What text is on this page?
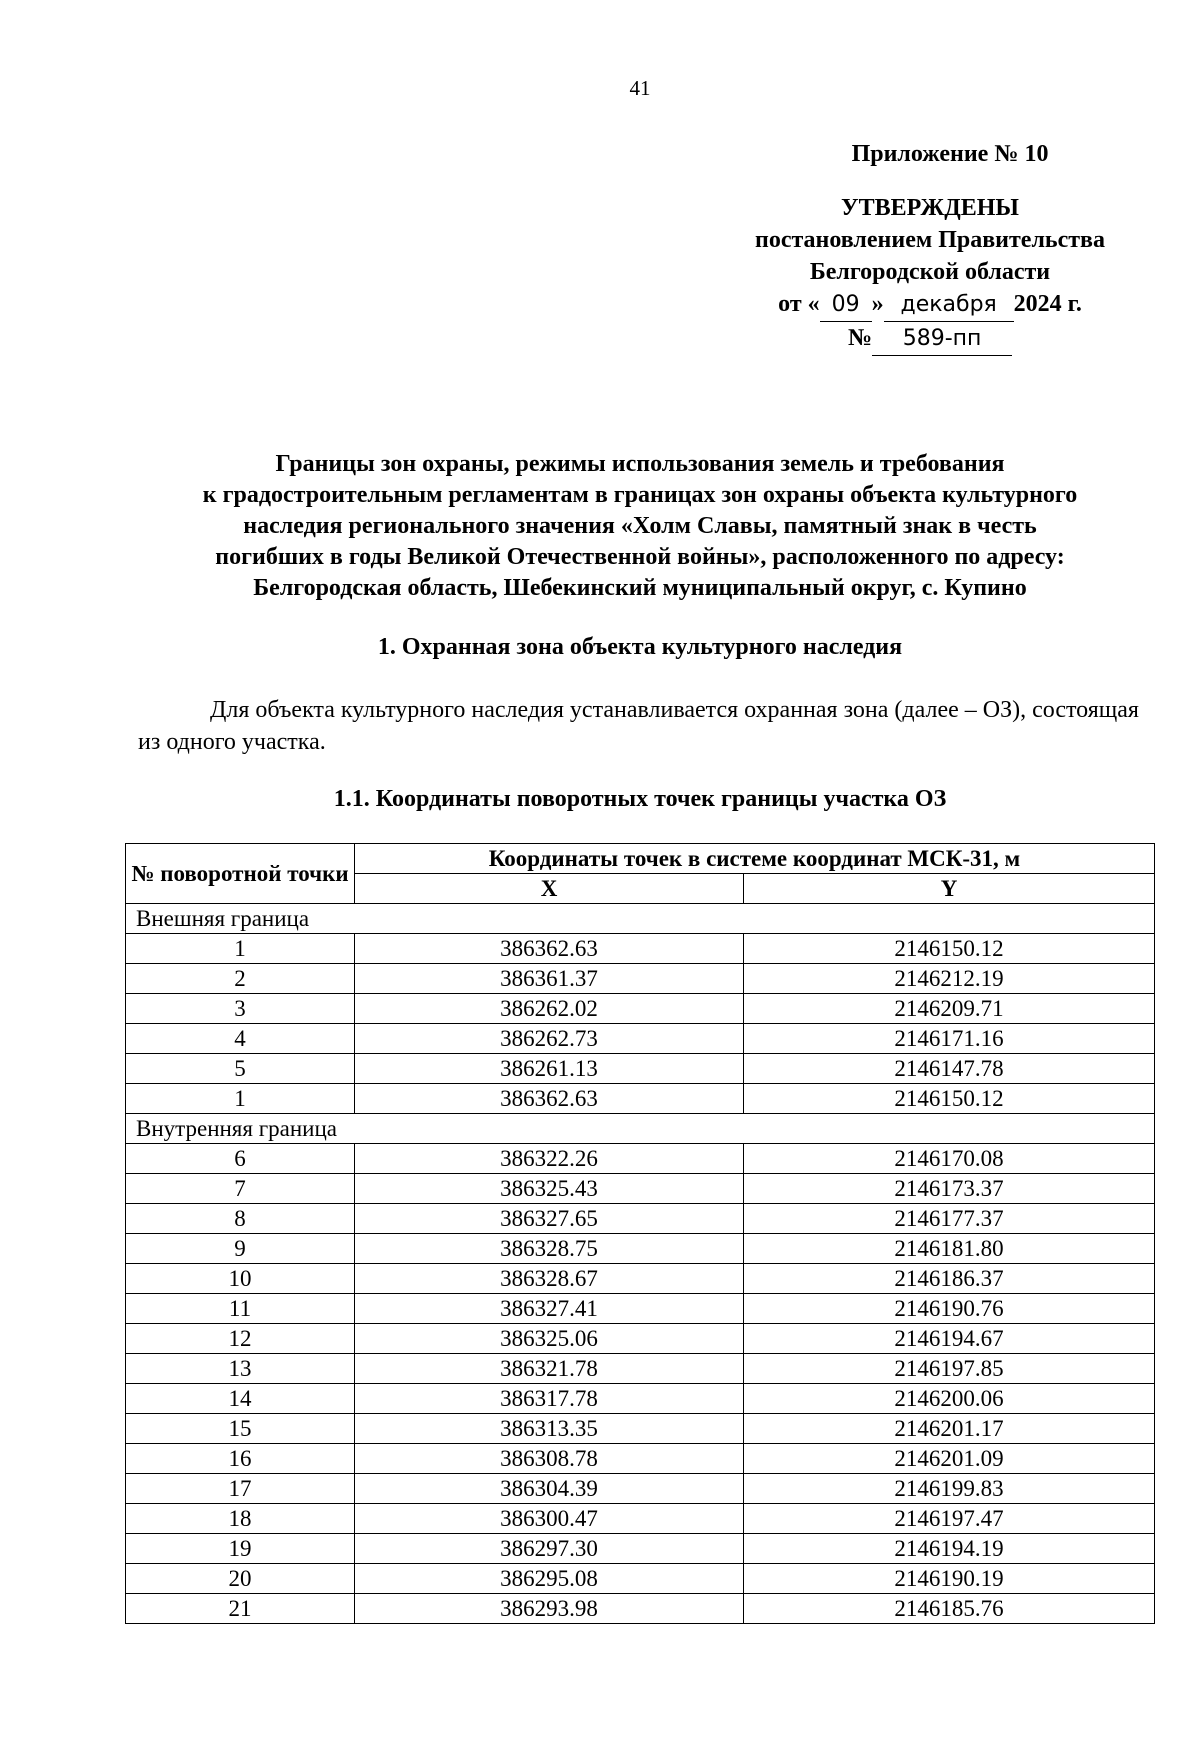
41
Приложение № 10
УТВЕРЖДЕНЫ
постановлением Правительства
Белгородской области
от « 09 » декабря 2024 г.
№ 589-пп
Границы зон охраны, режимы использования земель и требования
к градостроительным регламентам в границах зон охраны объекта культурного
наследия регионального значения «Холм Славы, памятный знак в честь
погибших в годы Великой Отечественной войны», расположенного по адресу:
Белгородская область, Шебекинский муниципальный округ, с. Купино
1. Охранная зона объекта культурного наследия
Для объекта культурного наследия устанавливается охранная зона (далее – ОЗ), состоящая из одного участка.
1.1. Координаты поворотных точек границы участка ОЗ
№ поворотной точки	Координаты точек в системе координат МСК-31, м	
	X	Y
Внешняя граница		
1	386362.63	2146150.12
2	386361.37	2146212.19
3	386262.02	2146209.71
4	386262.73	2146171.16
5	386261.13	2146147.78
1	386362.63	2146150.12
Внутренняя граница		
6	386322.26	2146170.08
7	386325.43	2146173.37
8	386327.65	2146177.37
9	386328.75	2146181.80
10	386328.67	2146186.37
11	386327.41	2146190.76
12	386325.06	2146194.67
13	386321.78	2146197.85
14	386317.78	2146200.06
15	386313.35	2146201.17
16	386308.78	2146201.09
17	386304.39	2146199.83
18	386300.47	2146197.47
19	386297.30	2146194.19
20	386295.08	2146190.19
21	386293.98	2146185.76
